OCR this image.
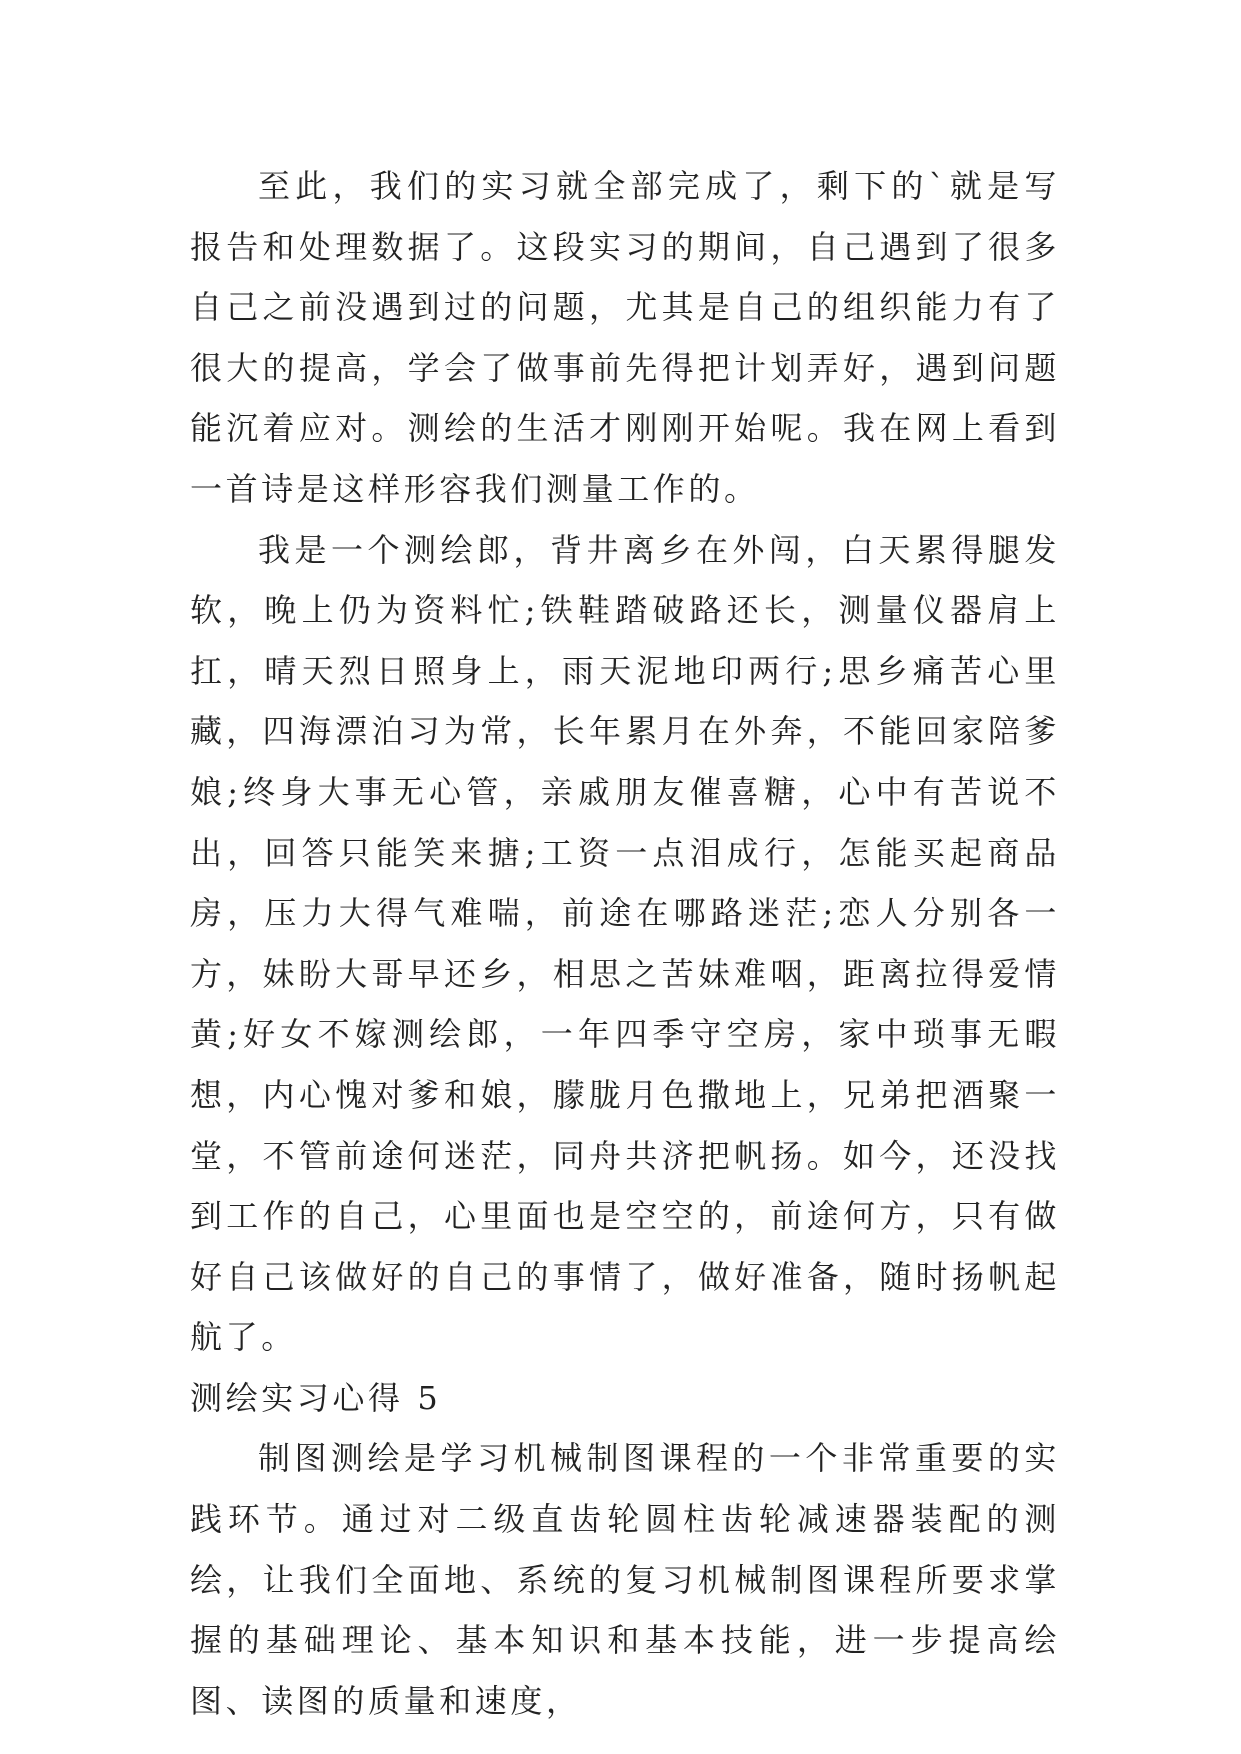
至此，我们的实习就全部完成了，剩下的`就是写报告和处理数据了。这段实习的期间，自己遇到了很多自己之前没遇到过的问题，尤其是自己的组织能力有了很大的提高，学会了做事前先得把计划弄好，遇到问题能沉着应对。测绘的生活才刚刚开始呢。我在网上看到一首诗是这样形容我们测量工作的。

我是一个测绘郎，背井离乡在外闯，白天累得腿发软，晚上仍为资料忙;铁鞋踏破路还长，测量仪器肩上扛，晴天烈日照身上，雨天泥地印两行;思乡痛苦心里藏，四海漂泊习为常，长年累月在外奔，不能回家陪爹娘;终身大事无心管，亲戚朋友催喜糖，心中有苦说不出，回答只能笑来搪;工资一点泪成行，怎能买起商品房，压力大得气难喘，前途在哪路迷茫;恋人分别各一方，妹盼大哥早还乡，相思之苦妹难咽，距离拉得爱情黄;好女不嫁测绘郎，一年四季守空房，家中琐事无暇想，内心愧对爹和娘，朦胧月色撒地上，兄弟把酒聚一堂，不管前途何迷茫，同舟共济把帆扬。如今，还没找到工作的自己，心里面也是空空的，前途何方，只有做好自己该做好的自己的事情了，做好准备，随时扬帆起航了。

测绘实习心得 5

制图测绘是学习机械制图课程的一个非常重要的实践环节。通过对二级直齿轮圆柱齿轮减速器装配的测绘，让我们全面地、系统的复习机械制图课程所要求掌握的基础理论、基本知识和基本技能，进一步提高绘图、读图的质量和速度，
